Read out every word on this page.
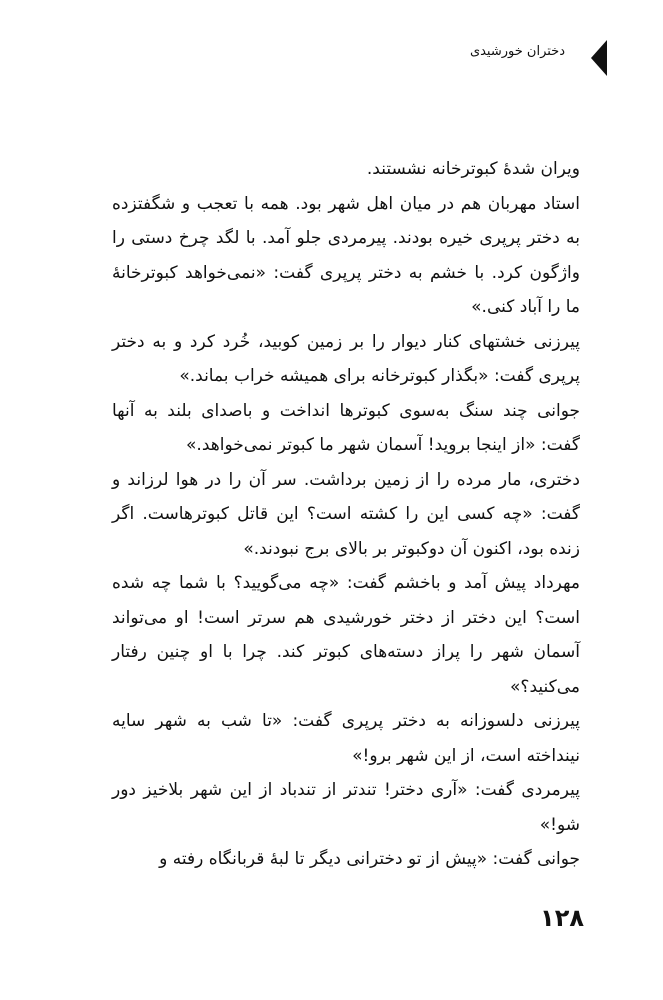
دختران خورشیدی

ویران شدهٔ کبوترخانه نشستند.

استاد مهربان هم در میان اهل شهر بود. همه با تعجب و شگفتزده به دختر پرپری خیره بودند. پیرمردی جلو آمد. با لگد چرخ دستی را واژگون کرد. با خشم به دختر پرپری گفت: «نمی‌خواهد کبوترخانهٔ ما را آباد کنی.»

پیرزنی خشتهای کنار دیوار را بر زمین کوبید، خُرد کرد و به دختر پرپری گفت: «بگذار کبوترخانه برای همیشه خراب بماند.»

جوانی چند سنگ به‌سوی کبوترها انداخت و باصدای بلند به آنها گفت: «از اینجا بروید! آسمان شهر ما کبوتر نمی‌خواهد.»

دختری، مار مرده را از زمین برداشت. سر آن را در هوا لرزاند و گفت: «چه کسی این را کشته است؟ این قاتل کبوترهاست. اگر زنده بود، اکنون آن دوکبوتر بر بالای برج نبودند.»

مهرداد پیش آمد و باخشم گفت: «چه می‌گویید؟ با شما چه شده است؟ این دختر از دختر خورشیدی هم سرتر است! او می‌تواند آسمان شهر را پراز دسته‌های کبوتر کند. چرا با او چنین رفتار می‌کنید؟»

پیرزنی دلسوزانه به دختر پرپری گفت: «تا شب به شهر سایه نینداخته است، از این شهر برو!»

پیرمردی گفت: «آری دختر! تندتر از تندباد از این شهر بلاخیز دور شو!»

جوانی گفت: «پیش از تو دخترانی دیگر تا لبهٔ قربانگاه رفته و

۱۲۸
